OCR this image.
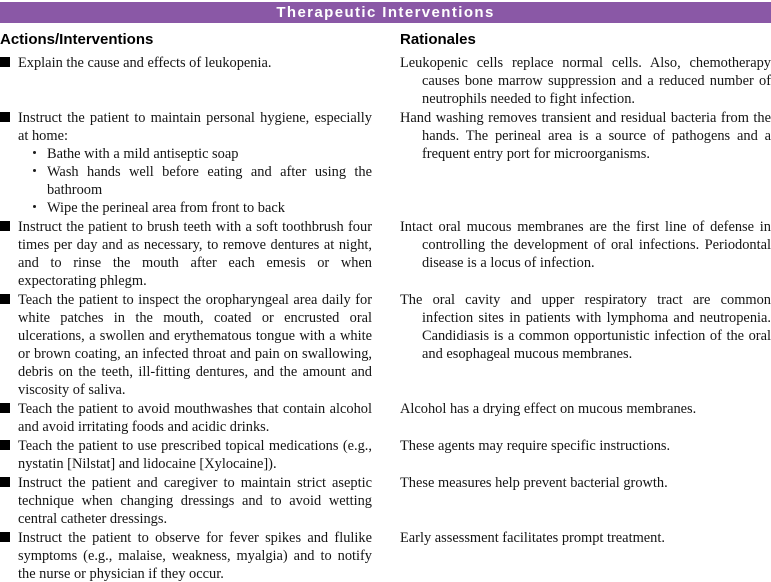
Therapeutic Interventions
Actions/Interventions	Rationales
Explain the cause and effects of leukopenia.	Leukopenic cells replace normal cells. Also, chemotherapy causes bone marrow suppression and a reduced number of neutrophils needed to fight infection.
Instruct the patient to maintain personal hygiene, especially at home:
Bathe with a mild antiseptic soap
Wash hands well before eating and after using the bathroom
Wipe the perineal area from front to back
Hand washing removes transient and residual bacteria from the hands. The perineal area is a source of pathogens and a frequent entry port for microorganisms.
Instruct the patient to brush teeth with a soft toothbrush four times per day and as necessary, to remove dentures at night, and to rinse the mouth after each emesis or when expectorating phlegm.
Intact oral mucous membranes are the first line of defense in controlling the development of oral infections. Periodontal disease is a locus of infection.
Teach the patient to inspect the oropharyngeal area daily for white patches in the mouth, coated or encrusted oral ulcerations, a swollen and erythematous tongue with a white or brown coating, an infected throat and pain on swallowing, debris on the teeth, ill-fitting dentures, and the amount and viscosity of saliva.
The oral cavity and upper respiratory tract are common infection sites in patients with lymphoma and neutropenia. Candidiasis is a common opportunistic infection of the oral and esophageal mucous membranes.
Teach the patient to avoid mouthwashes that contain alcohol and avoid irritating foods and acidic drinks.
Alcohol has a drying effect on mucous membranes.
Teach the patient to use prescribed topical medications (e.g., nystatin [Nilstat] and lidocaine [Xylocaine]).
These agents may require specific instructions.
Instruct the patient and caregiver to maintain strict aseptic technique when changing dressings and to avoid wetting central catheter dressings.
These measures help prevent bacterial growth.
Instruct the patient to observe for fever spikes and flulike symptoms (e.g., malaise, weakness, myalgia) and to notify the nurse or physician if they occur.
Early assessment facilitates prompt treatment.
